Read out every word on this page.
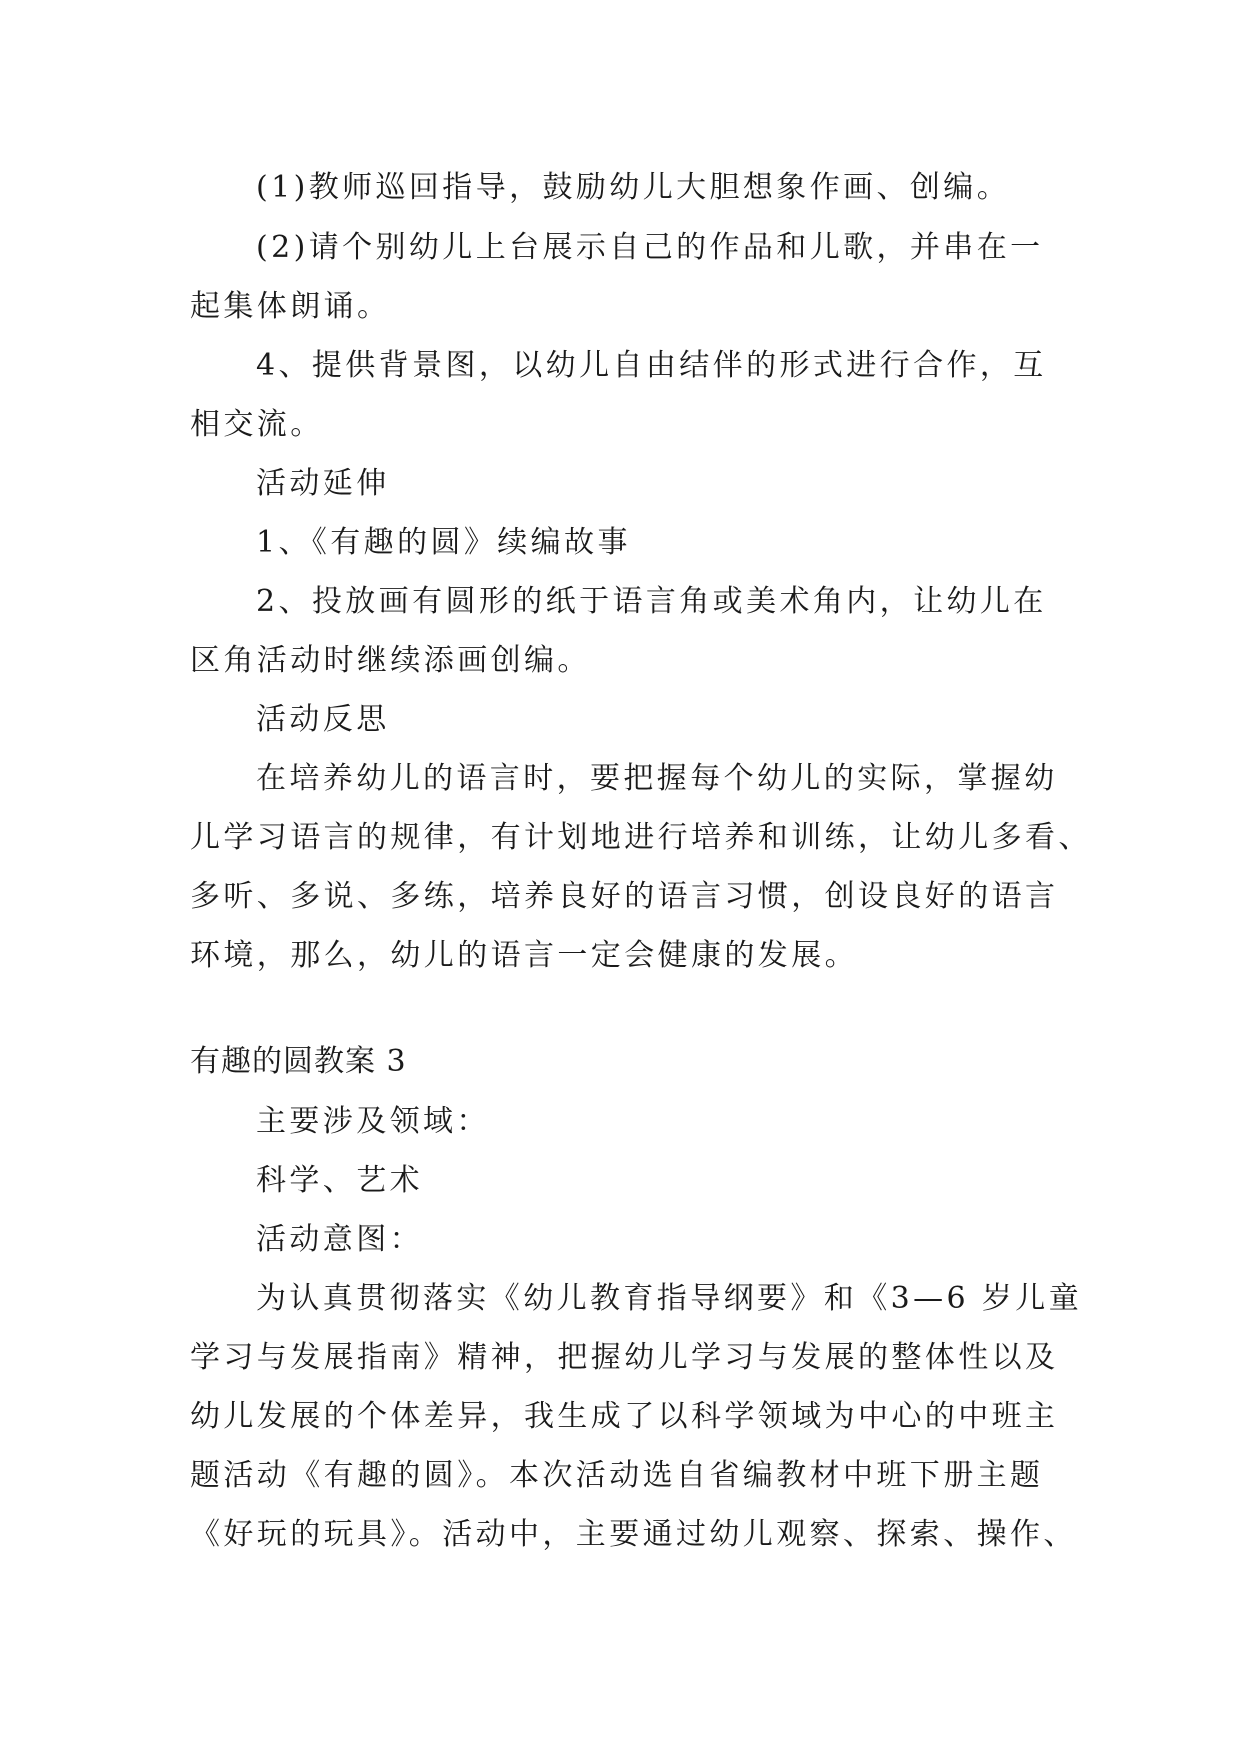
(1)教师巡回指导，鼓励幼儿大胆想象作画、创编。
(2)请个别幼儿上台展示自己的作品和儿歌，并串在一
起集体朗诵。
4、提供背景图，以幼儿自由结伴的形式进行合作，互
相交流。
活动延伸
1、《有趣的圆》续编故事
2、投放画有圆形的纸于语言角或美术角内，让幼儿在
区角活动时继续添画创编。
活动反思
在培养幼儿的语言时，要把握每个幼儿的实际，掌握幼
儿学习语言的规律，有计划地进行培养和训练，让幼儿多看、
多听、多说、多练，培养良好的语言习惯，创设良好的语言
环境，那么，幼儿的语言一定会健康的发展。
有趣的圆教案 3
主要涉及领域：
科学、艺术
活动意图：
为认真贯彻落实《幼儿教育指导纲要》和《3—6 岁儿童
学习与发展指南》精神，把握幼儿学习与发展的整体性以及
幼儿发展的个体差异，我生成了以科学领域为中心的中班主
题活动《有趣的圆》。本次活动选自省编教材中班下册主题
《好玩的玩具》。活动中，主要通过幼儿观察、探索、操作、
